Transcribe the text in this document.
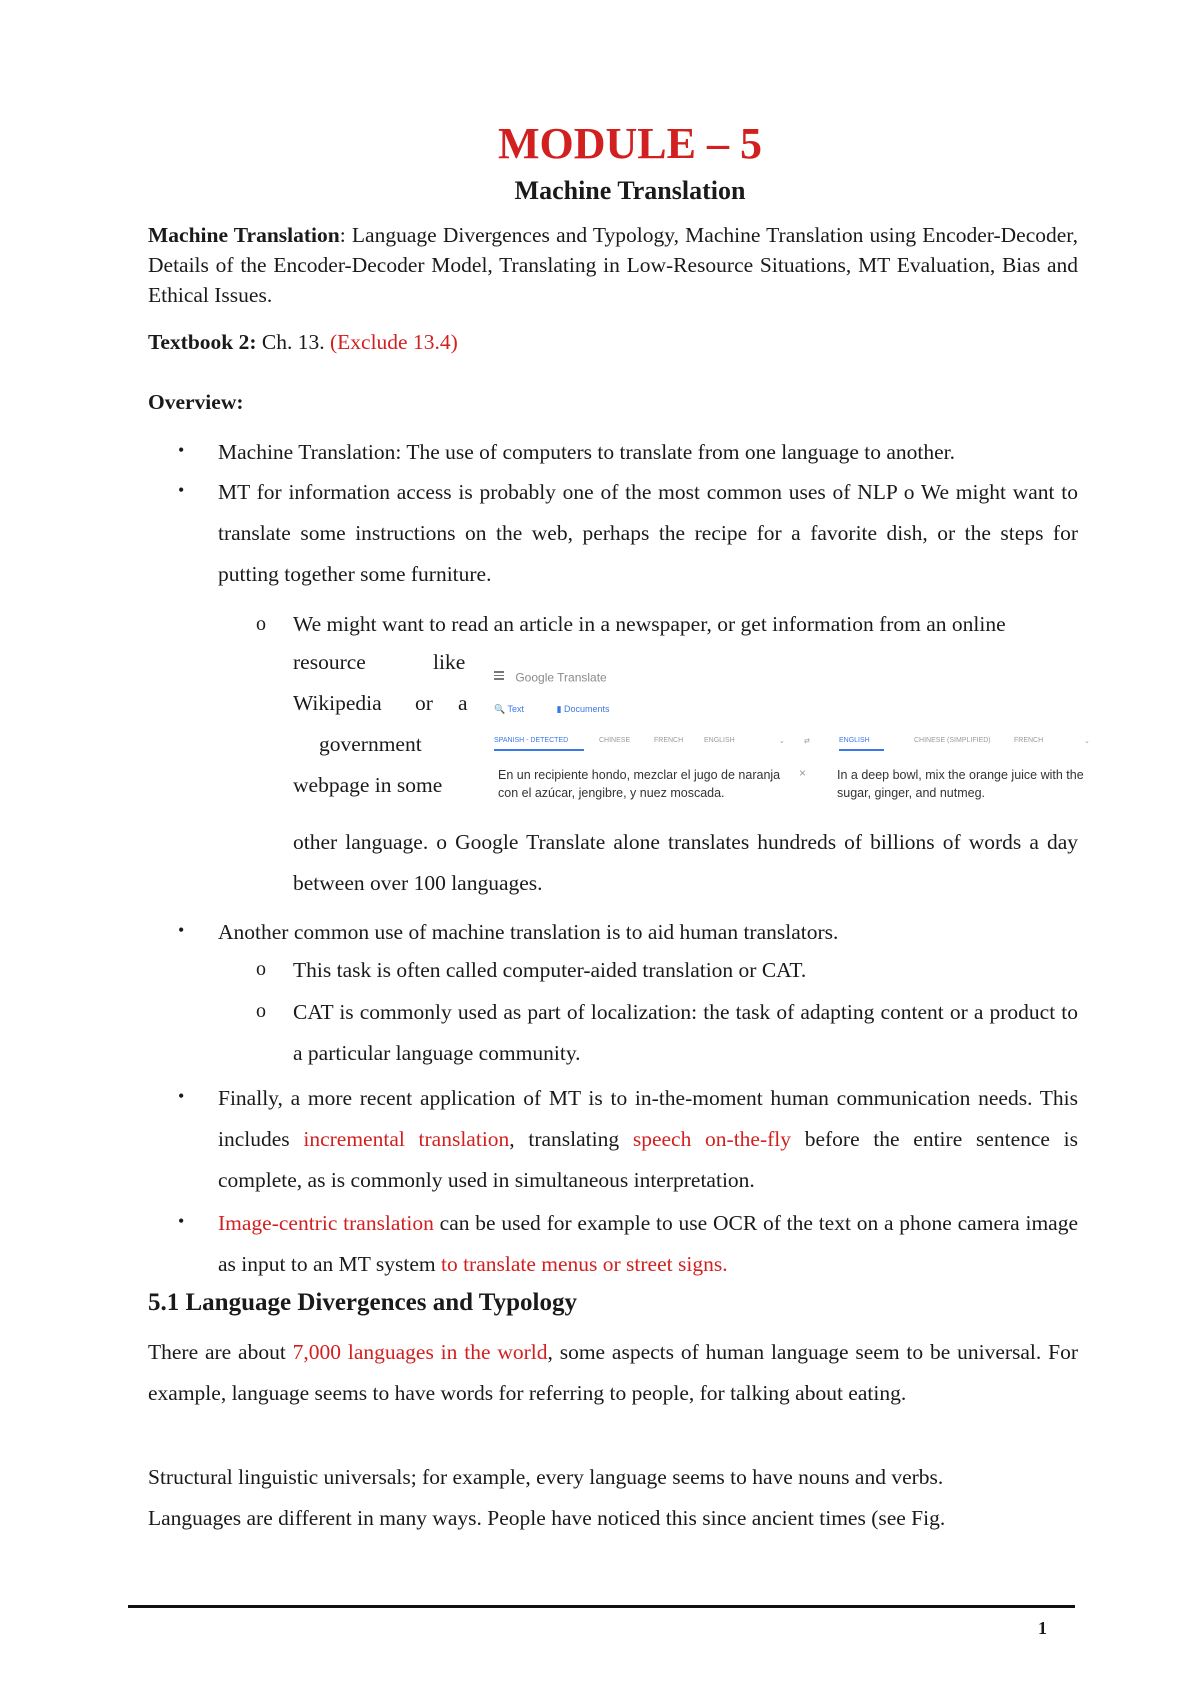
MODULE – 5
Machine Translation
Machine Translation: Language Divergences and Typology, Machine Translation using Encoder-Decoder, Details of the Encoder-Decoder Model, Translating in Low-Resource Situations, MT Evaluation, Bias and Ethical Issues.
Textbook 2: Ch. 13. (Exclude 13.4)
Overview:
• Machine Translation: The use of computers to translate from one language to another.
• MT for information access is probably one of the most common uses of NLP o We might want to translate some instructions on the web, perhaps the recipe for a favorite dish, or the steps for putting together some furniture.
o We might want to read an article in a newspaper, or get information from an online
resource	like
Wikipedia or a
government
webpage in some
Google Translate
🔍 Text	▮ Documents
SPANISH - DETECTED	CHINESE	FRENCH	ENGLISH	⌄	⇄	ENGLISH	CHINESE (SIMPLIFIED)	FRENCH	⌄
En un recipiente hondo, mezclar el jugo de naranja con el azúcar, jengibre, y nuez moscada.
× In a deep bowl, mix the orange juice with the sugar, ginger, and nutmeg.
other language. o Google Translate alone translates hundreds of billions of words a day between over 100 languages.
• Another common use of machine translation is to aid human translators.
o This task is often called computer-aided translation or CAT.
o CAT is commonly used as part of localization: the task of adapting content or a product to a particular language community.
• Finally, a more recent application of MT is to in-the-moment human communication needs. This includes incremental translation, translating speech on-the-fly before the entire sentence is complete, as is commonly used in simultaneous interpretation.
• Image-centric translation can be used for example to use OCR of the text on a phone camera image as input to an MT system to translate menus or street signs.
5.1 Language Divergences and Typology
There are about 7,000 languages in the world, some aspects of human language seem to be universal. For example, language seems to have words for referring to people, for talking about eating.
Structural linguistic universals; for example, every language seems to have nouns and verbs.
Languages are different in many ways. People have noticed this since ancient times (see Fig.
1
